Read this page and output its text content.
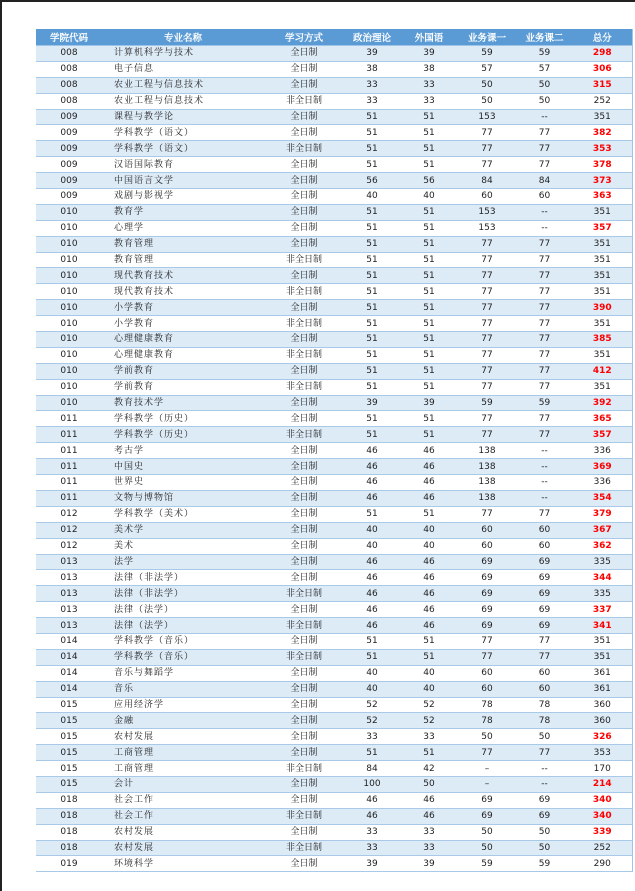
学院代码	专业名称	学习方式	政治理论	外国语	业务课一	业务课二	总分
008	计算机科学与技术	全日制	39	39	59	59	298
008	电子信息	全日制	38	38	57	57	306
008	农业工程与信息技术	全日制	33	33	50	50	315
008	农业工程与信息技术	非全日制	33	33	50	50	252
009	课程与教学论	全日制	51	51	153	--	351
009	学科教学（语文）	全日制	51	51	77	77	382
009	学科教学（语文）	非全日制	51	51	77	77	353
009	汉语国际教育	全日制	51	51	77	77	378
009	中国语言文学	全日制	56	56	84	84	373
009	戏剧与影视学	全日制	40	40	60	60	363
010	教育学	全日制	51	51	153	--	351
010	心理学	全日制	51	51	153	--	357
010	教育管理	全日制	51	51	77	77	351
010	教育管理	非全日制	51	51	77	77	351
010	现代教育技术	全日制	51	51	77	77	351
010	现代教育技术	非全日制	51	51	77	77	351
010	小学教育	全日制	51	51	77	77	390
010	小学教育	非全日制	51	51	77	77	351
010	心理健康教育	全日制	51	51	77	77	385
010	心理健康教育	非全日制	51	51	77	77	351
010	学前教育	全日制	51	51	77	77	412
010	学前教育	非全日制	51	51	77	77	351
010	教育技术学	全日制	39	39	59	59	392
011	学科教学（历史）	全日制	51	51	77	77	365
011	学科教学（历史）	非全日制	51	51	77	77	357
011	考古学	全日制	46	46	138	--	336
011	中国史	全日制	46	46	138	--	369
011	世界史	全日制	46	46	138	--	336
011	文物与博物馆	全日制	46	46	138	--	354
012	学科教学（美术）	全日制	51	51	77	77	379
012	美术学	全日制	40	40	60	60	367
012	美术	全日制	40	40	60	60	362
013	法学	全日制	46	46	69	69	335
013	法律（非法学）	全日制	46	46	69	69	344
013	法律（非法学）	非全日制	46	46	69	69	335
013	法律（法学）	全日制	46	46	69	69	337
013	法律（法学）	非全日制	46	46	69	69	341
014	学科教学（音乐）	全日制	51	51	77	77	351
014	学科教学（音乐）	非全日制	51	51	77	77	351
014	音乐与舞蹈学	全日制	40	40	60	60	361
014	音乐	全日制	40	40	60	60	361
015	应用经济学	全日制	52	52	78	78	360
015	金融	全日制	52	52	78	78	360
015	农村发展	全日制	33	33	50	50	326
015	工商管理	全日制	51	51	77	77	353
015	工商管理	非全日制	84	42	–	--	170
015	会计	全日制	100	50	–	--	214
018	社会工作	全日制	46	46	69	69	340
018	社会工作	非全日制	46	46	69	69	340
018	农村发展	全日制	33	33	50	50	339
018	农村发展	非全日制	33	33	50	50	252
019	环境科学	全日制	39	39	59	59	290
